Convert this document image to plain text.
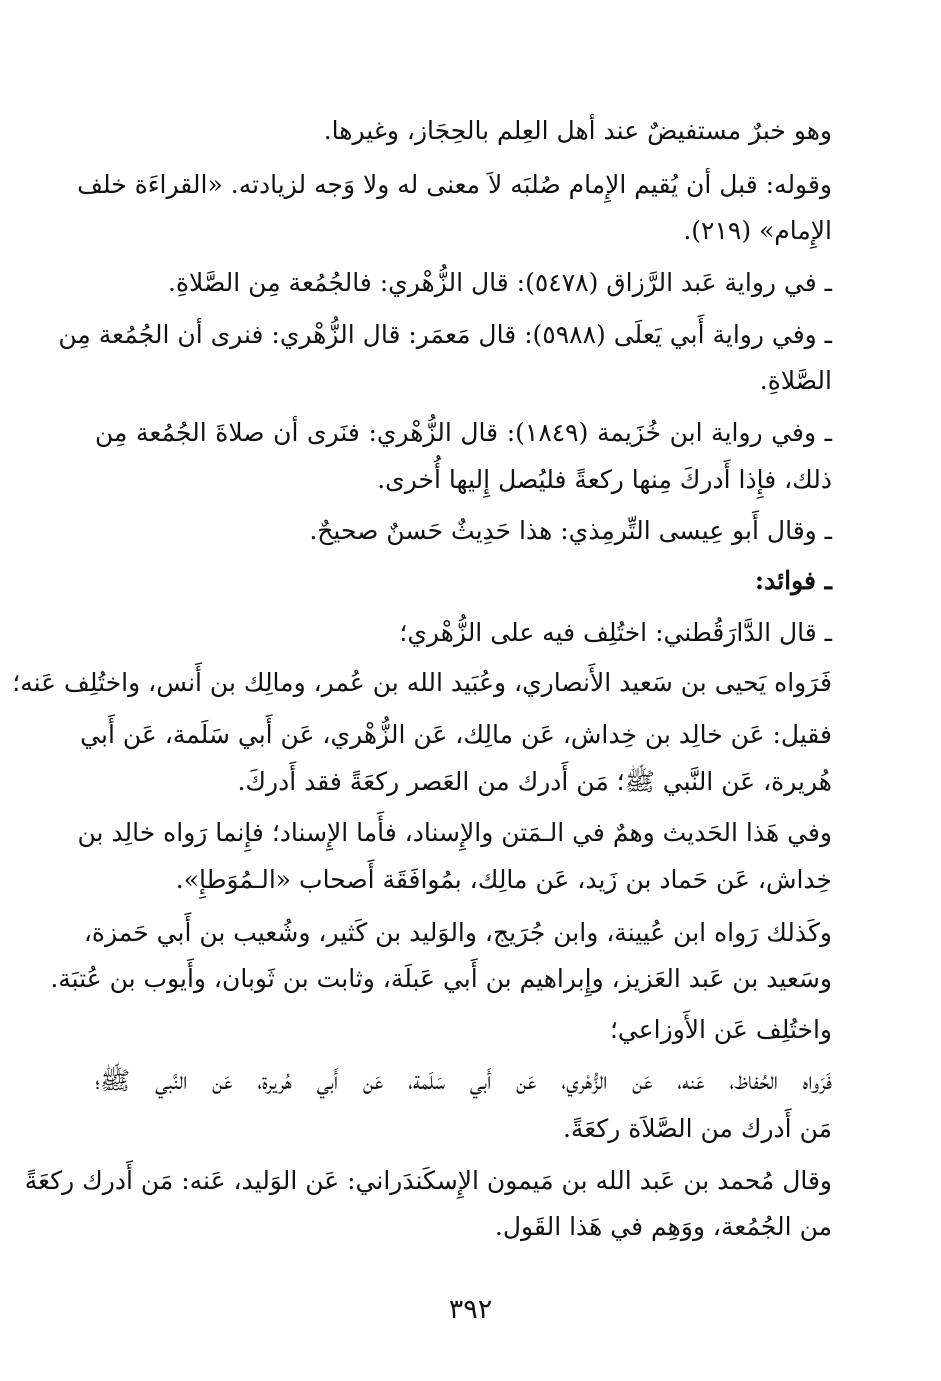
وهو خبرٌ مستفيضٌ عند أهل العِلم بالحِجَاز، وغيرها.
وقوله: قبل أن يُقيم الإِمام صُلبَه لاَ معنى له ولا وَجه لزيادته. «القراءَة خلف
الإِمام» (٢١٩).
ـ في رواية عَبد الرَّزاق (٥٤٧٨): قال الزُّهْري: فالجُمُعة مِن الصَّلاةِ.
ـ وفي رواية أَبي يَعلَى (٥٩٨٨): قال مَعمَر: قال الزُّهْري: فنرى أن الجُمُعة مِن
الصَّلاةِ.
ـ وفي رواية ابن خُزَيمة (١٨٤٩): قال الزُّهْري: فنَرى أن صلاةَ الجُمُعة مِن
ذلك، فإِذا أَدركَ مِنها ركعةً فليُصل إِليها أُخرى.
ـ وقال أَبو عِيسى التِّرمِذي: هذا حَدِيثٌ حَسنٌ صحيحٌ.
ـ فوائد:
ـ قال الدَّارَقُطني: اختُلِف فيه على الزُّهْري؛
فَرَواه يَحيى بن سَعيد الأَنصاري، وعُبَيد الله بن عُمر، ومالِك بن أَنس، واختُلِف عَنه؛
فقيل: عَن خالِد بن خِداش، عَن مالِك، عَن الزُّهْري، عَن أَبي سَلَمة، عَن أَبي
هُريرة، عَن النَّبي ﷺ؛ مَن أَدرك من العَصر ركعَةً فقد أَدركَ.
وفي هَذا الحَديث وهمٌ في الـمَتن والإِسناد، فأَما الإِسناد؛ فإِنما رَواه خالِد بن
خِداش، عَن حَماد بن زَيد، عَن مالِك، بمُوافَقَة أَصحاب «الـمُوَطإِ».
وكَذلك رَواه ابن عُيينة، وابن جُرَيج، والوَليد بن كَثير، وشُعيب بن أَبي حَمزة،
وسَعيد بن عَبد العَزيز، وإِبراهيم بن أَبي عَبلَة، وثابت بن ثَوبان، وأَيوب بن عُتبَة.
واختُلِف عَن الأَوزاعي؛
فَرَواه الحُفاظ، عَنه، عَن الزُّهْري، عَن أَبي سَلَمة، عَن أَبي هُريرة، عَن النَّبي ﷺ؛
مَن أَدرك من الصَّلاَة ركعَةً.
وقال مُحمد بن عَبد الله بن مَيمون الإِسكَندَراني: عَن الوَليد، عَنه: مَن أَدرك ركعَةً
من الجُمُعة، ووَهِم في هَذا القَول.
٣٩٢
